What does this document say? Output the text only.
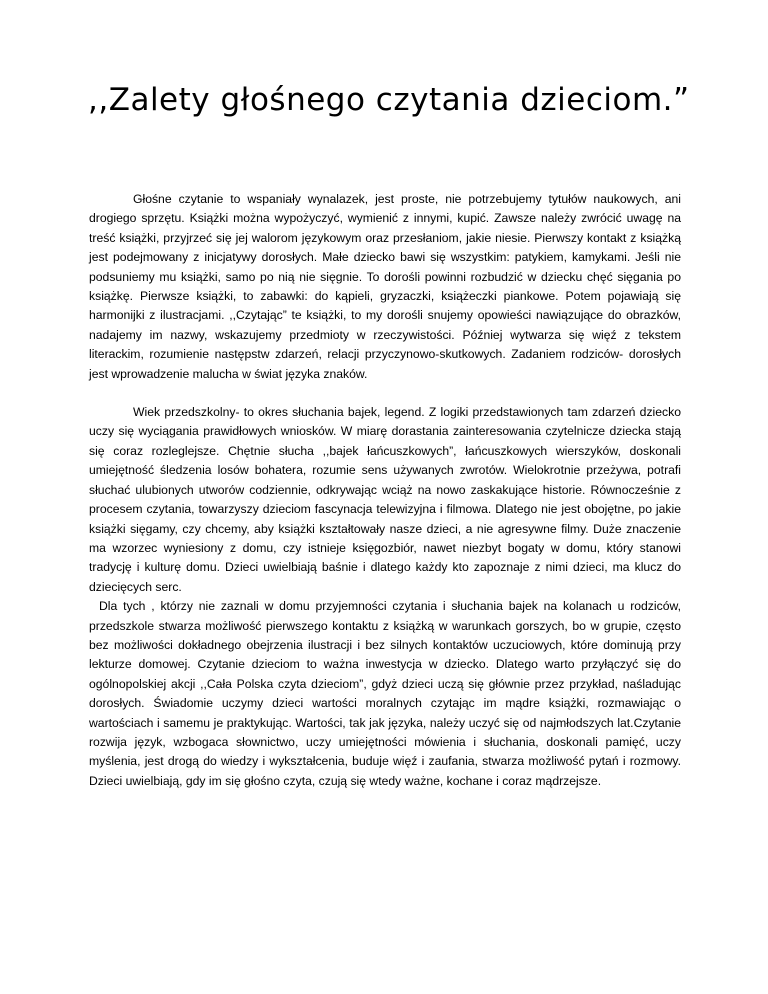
,,Zalety głośnego czytania dzieciom.”

Głośne czytanie to wspaniały wynalazek, jest proste, nie potrzebujemy tytułów naukowych, ani drogiego sprzętu. Książki można wypożyczyć, wymienić z innymi, kupić. Zawsze należy zwrócić uwagę na treść książki, przyjrzeć się jej walorom językowym oraz przesłaniom, jakie niesie. Pierwszy kontakt z książką jest podejmowany z inicjatywy dorosłych. Małe dziecko bawi się wszystkim: patykiem, kamykami. Jeśli nie podsuniemy mu książki, samo po nią nie sięgnie. To dorośli powinni rozbudzić w dziecku chęć sięgania po książkę. Pierwsze książki, to zabawki: do kąpieli, gryzaczki, książeczki piankowe. Potem pojawiają się harmonijki z ilustracjami. ,,Czytając” te książki, to my dorośli snujemy opowieści nawiązujące do obrazków, nadajemy im nazwy, wskazujemy przedmioty w rzeczywistości. Później wytwarza się więź z tekstem literackim, rozumienie następstw zdarzeń, relacji przyczynowo-skutkowych. Zadaniem rodziców- dorosłych jest wprowadzenie malucha w świat języka znaków.

Wiek przedszkolny- to okres słuchania bajek, legend. Z logiki przedstawionych tam zdarzeń dziecko uczy się wyciągania prawidłowych wniosków. W miarę dorastania zainteresowania czytelnicze dziecka stają się coraz rozleglejsze. Chętnie słucha ,,bajek łańcuszkowych”, łańcuszkowych wierszyków, doskonali umiejętność śledzenia losów bohatera, rozumie sens używanych zwrotów. Wielokrotnie przeżywa, potrafi słuchać ulubionych utworów codziennie, odkrywając wciąż na nowo zaskakujące historie. Równocześnie z procesem czytania, towarzyszy dzieciom fascynacja telewizyjna i filmowa. Dlatego nie jest obojętne, po jakie książki sięgamy, czy chcemy, aby książki kształtowały nasze dzieci, a nie agresywne filmy. Duże znaczenie ma wzorzec wyniesiony z domu, czy istnieje księgozbiór, nawet niezbyt bogaty w domu, który stanowi tradycję i kulturę domu. Dzieci uwielbiają baśnie i dlatego każdy kto zapoznaje z nimi dzieci, ma klucz do dziecięcych serc.

Dla tych , którzy nie zaznali w domu przyjemności czytania i słuchania bajek na kolanach u rodziców, przedszkole stwarza możliwość pierwszego kontaktu z książką w warunkach gorszych, bo w grupie, często bez możliwości dokładnego obejrzenia ilustracji i bez silnych kontaktów uczuciowych, które dominują przy lekturze domowej. Czytanie dzieciom to ważna inwestycja w dziecko. Dlatego warto przyłączyć się do ogólnopolskiej akcji ,,Cała Polska czyta dzieciom”, gdyż dzieci uczą się głównie przez przykład, naśladując dorosłych. Świadomie uczymy dzieci wartości moralnych czytając im mądre książki, rozmawiając o wartościach i samemu je praktykując. Wartości, tak jak języka, należy uczyć się od najmłodszych lat.Czytanie rozwija język, wzbogaca słownictwo, uczy umiejętności mówienia i słuchania, doskonali pamięć, uczy myślenia, jest drogą do wiedzy i wykształcenia, buduje więź i zaufania, stwarza możliwość pytań i rozmowy. Dzieci uwielbiają, gdy im się głośno czyta, czują się wtedy ważne, kochane i coraz mądrzejsze.
